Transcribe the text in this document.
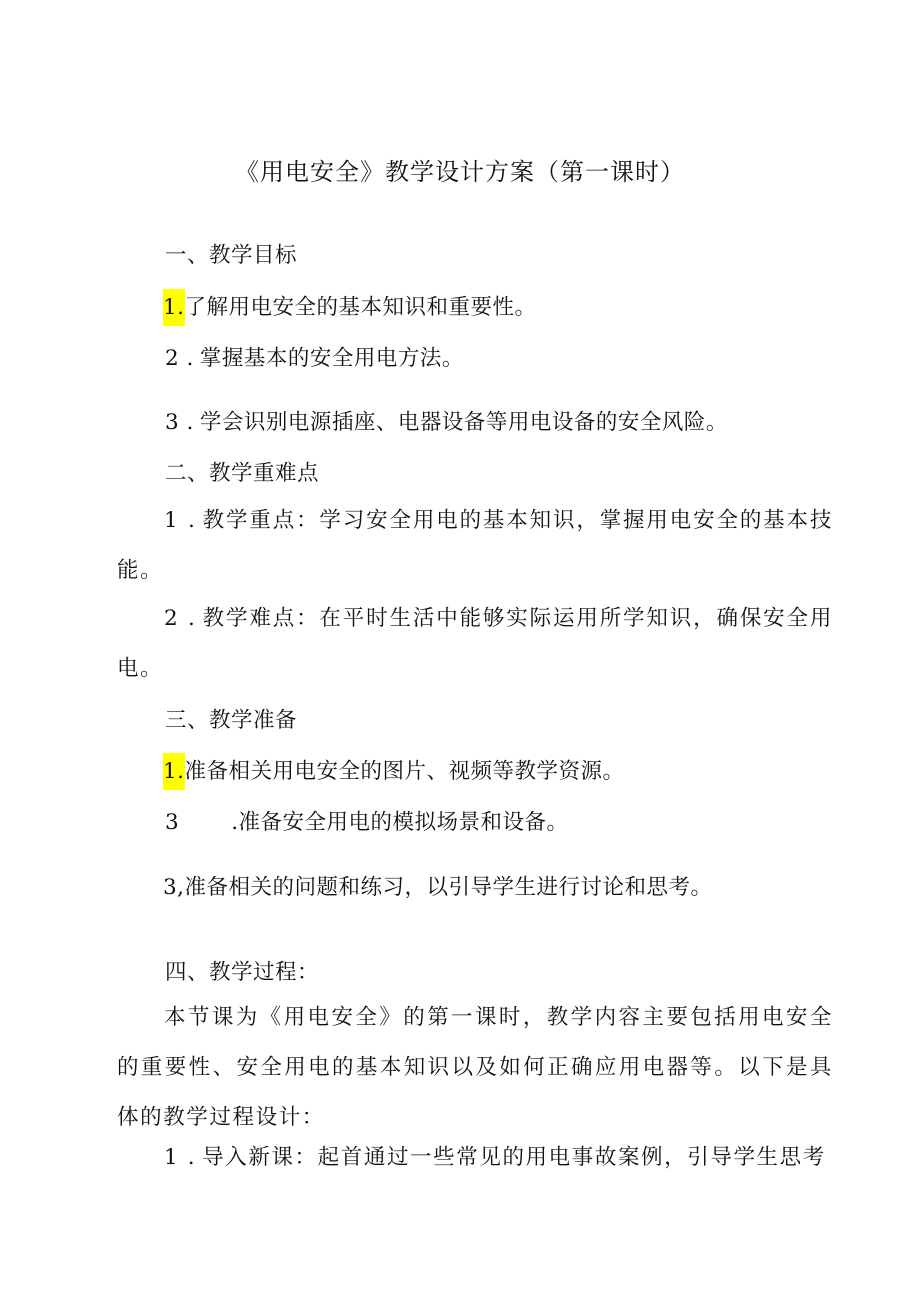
《用电安全》教学设计方案（第一课时）
一、教学目标
1.了解用电安全的基本知识和重要性。
2 . 掌握基本的安全用电方法。
3 . 学会识别电源插座、电器设备等用电设备的安全风险。
二、教学重难点
1 . 教学重点：学习安全用电的基本知识，掌握用电安全的基本技能。
2 . 教学难点：在平时生活中能够实际运用所学知识，确保安全用电。
三、教学准备
1.准备相关用电安全的图片、视频等教学资源。
3 .准备安全用电的模拟场景和设备。
3,准备相关的问题和练习，以引导学生进行讨论和思考。
四、教学过程：
本节课为《用电安全》的第一课时，教学内容主要包括用电安全的重要性、安全用电的基本知识以及如何正确应用电器等。以下是具体的教学过程设计：
1 . 导入新课：起首通过一些常见的用电事故案例，引导学生思考
